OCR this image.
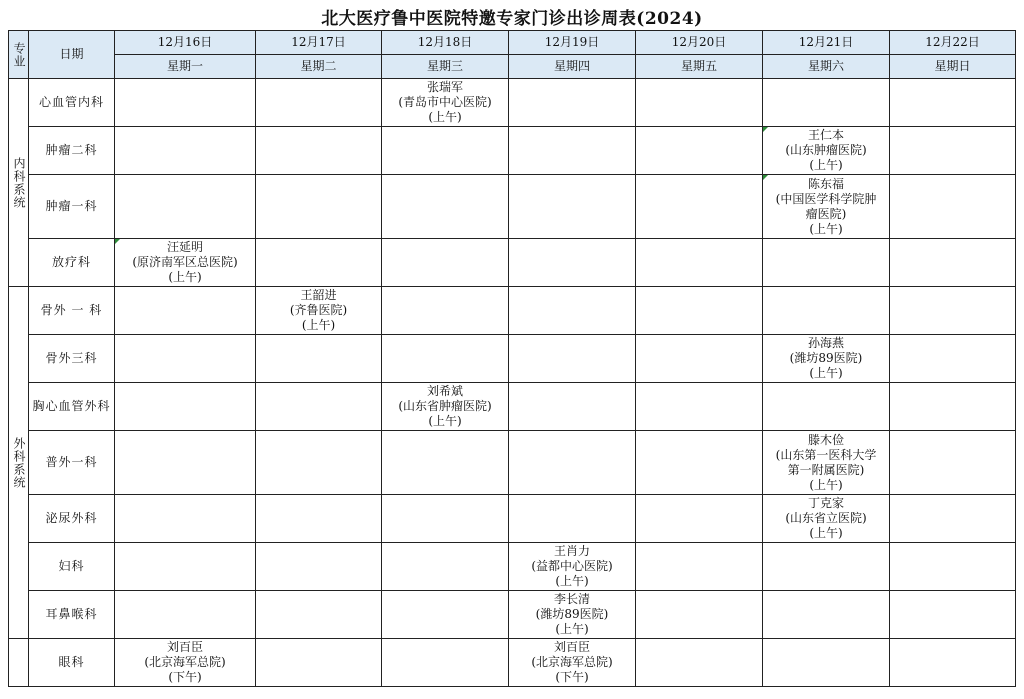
北大医疗鲁中医院特邀专家门诊出诊周表(2024)
专业	日期	12月16日	12月17日	12月18日	12月19日	12月20日	12月21日	12月22日
		星期一	星期二	星期三	星期四	星期五	星期六	星期日

内科系统	心血管内科			张瑞军
(青岛市中心医院)
(上午)				

	肿瘤二科						王仁本
(山东肿瘤医院)
(上午)	

	肿瘤一科						陈东福
(中国医学科学院肿
瘤医院)
(上午)	

	放疗科	汪延明
(原济南军区总医院)
(上午)						

外科系统	骨外 一 科		王韶进
(齐鲁医院)
(上午)					

	骨外三科						孙海燕
(潍坊89医院)
(上午)	

	胸心血管外科			刘希斌
(山东省肿瘤医院)
(上午)				

	普外一科						滕木俭
(山东第一医科大学
第一附属医院)
(上午)	

	泌尿外科						丁克家
(山东省立医院)
(上午)	

	妇科				王肖力
(益都中心医院)
(上午)			

	耳鼻喉科				李长清
(潍坊89医院)
(上午)			

	眼科	刘百臣
(北京海军总院)
(下午)			刘百臣
(北京海军总院)
(下午)			
